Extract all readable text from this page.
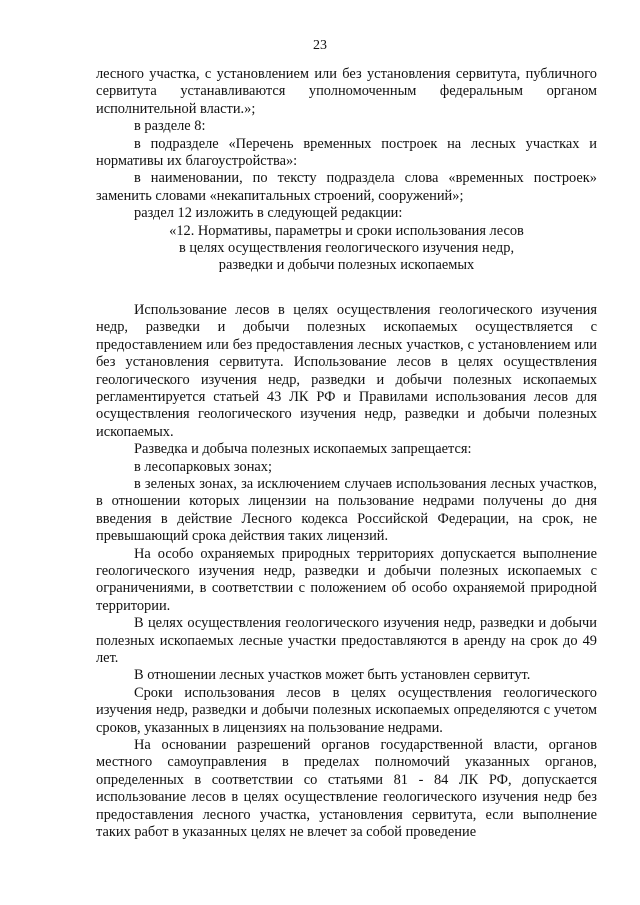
23

лесного участка, с установлением или без установления сервитута, публичного сервитута устанавливаются уполномоченным федеральным органом исполнительной власти.»;

в разделе 8:

в подразделе «Перечень временных построек на лесных участках и нормативы их благоустройства»:

в наименовании, по тексту подраздела слова «временных построек» заменить словами «некапитальных строений, сооружений»;

раздел 12 изложить в следующей редакции:

«12. Нормативы, параметры и сроки использования лесов

в целях осуществления геологического изучения недр,

разведки и добычи полезных ископаемых

Использование лесов в целях осуществления геологического изучения недр, разведки и добычи полезных ископаемых осуществляется с предоставлением или без предоставления лесных участков, с установлением или без установления сервитута. Использование лесов в целях осуществления геологического изучения недр, разведки и добычи полезных ископаемых регламентируется статьей 43 ЛК РФ и Правилами использования лесов для осуществления геологического изучения недр, разведки и добычи полезных ископаемых.

Разведка и добыча полезных ископаемых запрещается:

в лесопарковых зонах;

в зеленых зонах, за исключением случаев использования лесных участков, в отношении которых лицензии на пользование недрами получены до дня введения в действие Лесного кодекса Российской Федерации, на срок, не превышающий срока действия таких лицензий.

На особо охраняемых природных территориях допускается выполнение геологического изучения недр, разведки и добычи полезных ископаемых с ограничениями, в соответствии с положением об особо охраняемой природной территории.

В целях осуществления геологического изучения недр, разведки и добычи полезных ископаемых лесные участки предоставляются в аренду на срок до 49 лет.

В отношении лесных участков может быть установлен сервитут.

Сроки использования лесов в целях осуществления геологического изучения недр, разведки и добычи полезных ископаемых определяются с учетом сроков, указанных в лицензиях на пользование недрами.

На основании разрешений органов государственной власти, органов местного самоуправления в пределах полномочий указанных органов, определенных в соответствии со статьями 81 - 84 ЛК РФ, допускается использование лесов в целях осуществление геологического изучения недр без предоставления лесного участка, установления сервитута, если выполнение таких работ в указанных целях не влечет за собой проведение
